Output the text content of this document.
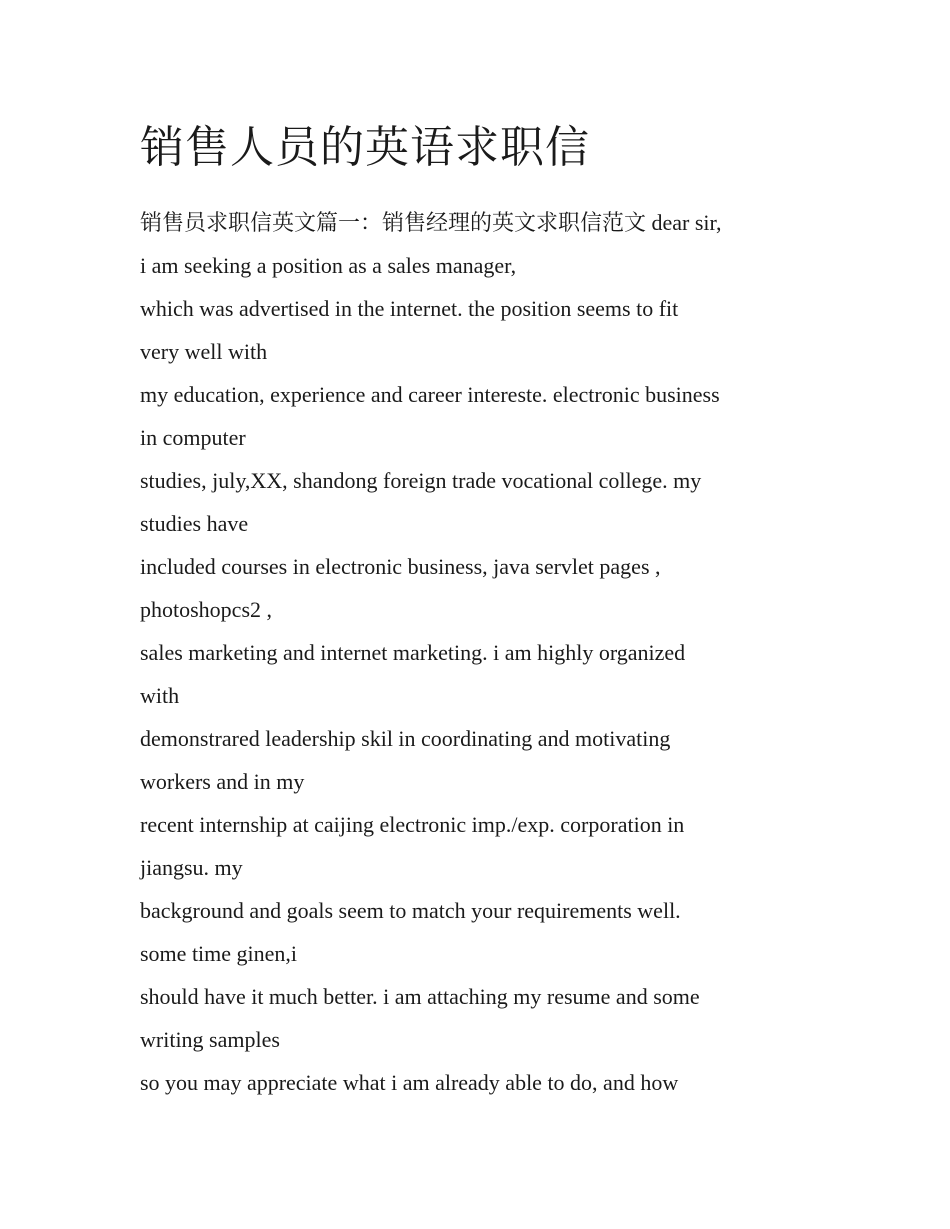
销售人员的英语求职信
销售员求职信英文篇一：销售经理的英文求职信范文 dear sir,
i am seeking a position as a sales manager,
which was advertised in the internet. the position seems to fit
very well with
my education, experience and career intereste. electronic business
in computer
studies, july,XX, shandong foreign trade vocational college. my
studies have
included courses in electronic business, java servlet pages ,
photoshopcs2 ,
sales marketing and internet marketing. i am highly organized
with
demonstrared leadership skil in coordinating and motivating
workers and in my
recent internship at caijing electronic imp./exp. corporation in
jiangsu. my
background and goals seem to match your requirements well.
some time ginen,i
should have it much better. i am attaching my resume and some
writing samples
so you may appreciate what i am already able to do, and how
